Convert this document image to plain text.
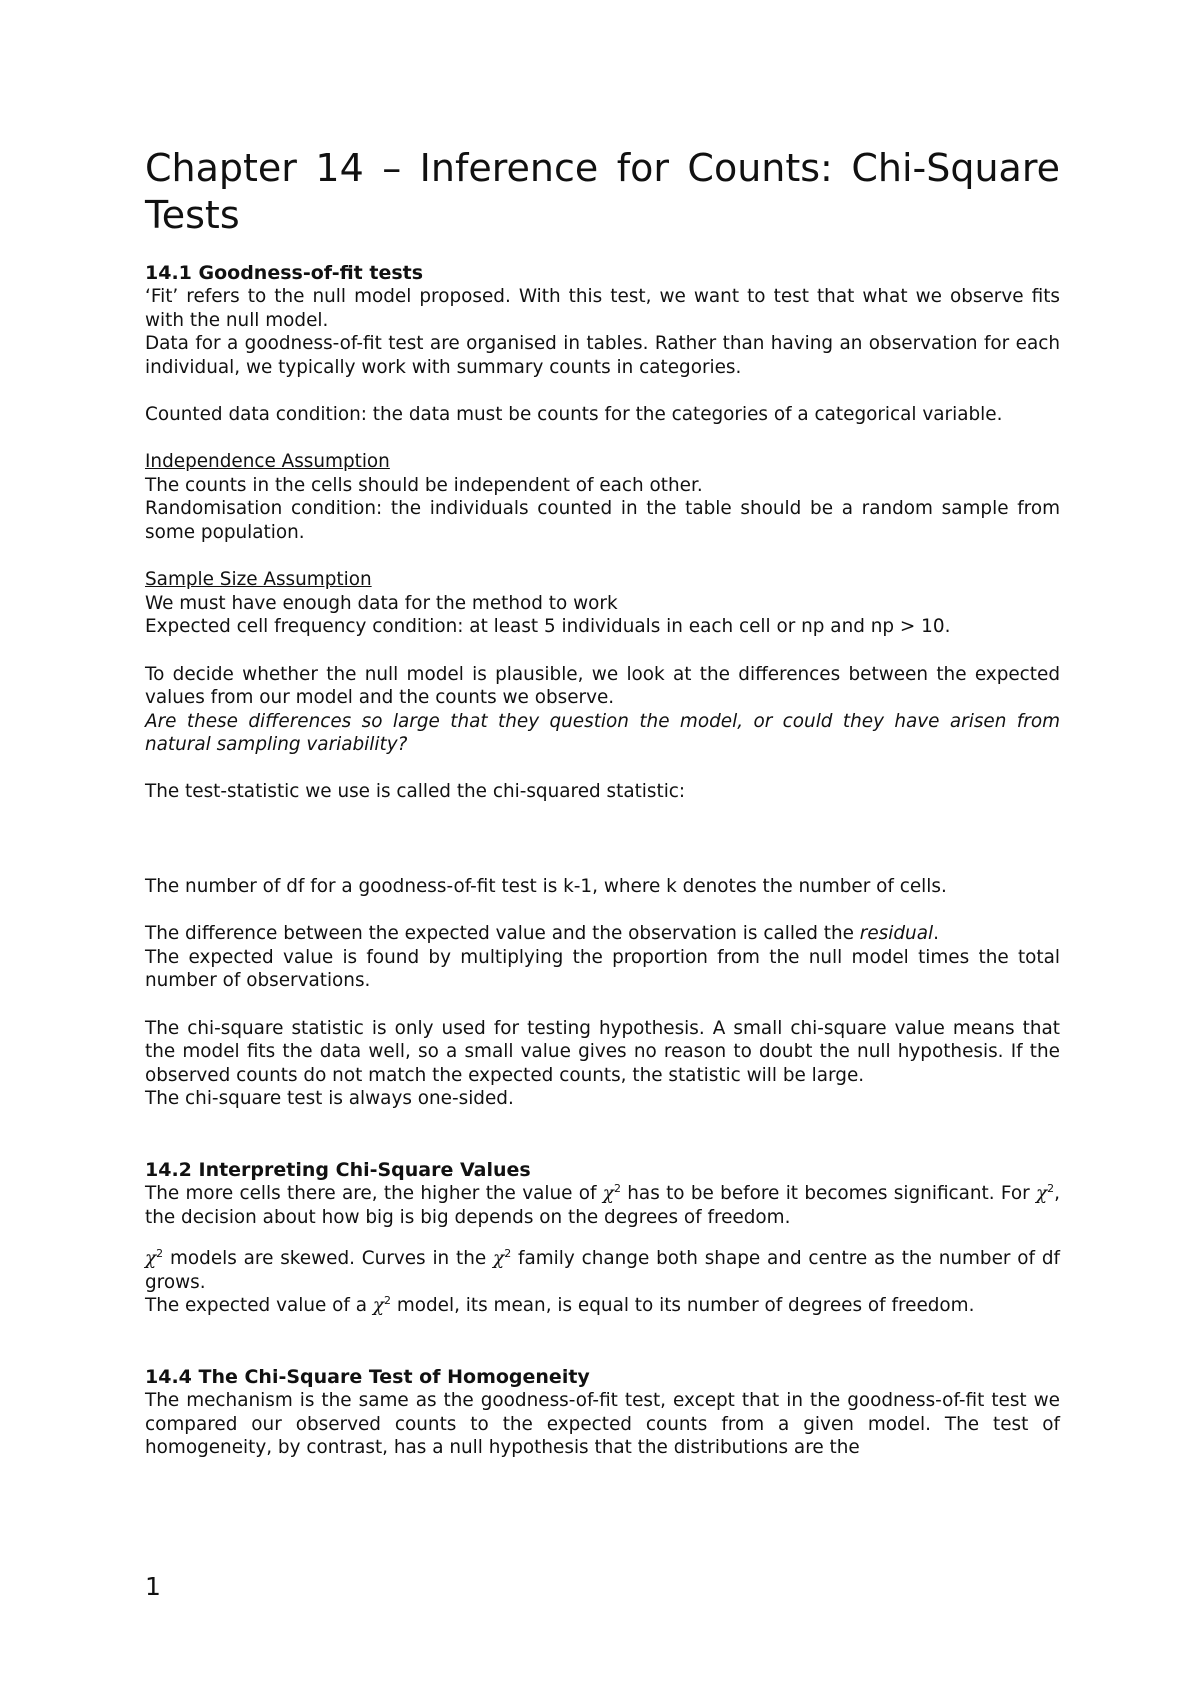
Chapter 14 – Inference for Counts: Chi-Square Tests
14.1 Goodness-of-fit tests

‘Fit’ refers to the null model proposed. With this test, we want to test that what we observe fits with the null model.

Data for a goodness-of-fit test are organised in tables. Rather than having an observation for each individual, we typically work with summary counts in categories.

Counted data condition: the data must be counts for the categories of a categorical variable.

Independence Assumption

The counts in the cells should be independent of each other.

Randomisation condition: the individuals counted in the table should be a random sample from some population.

Sample Size Assumption

We must have enough data for the method to work

Expected cell frequency condition: at least 5 individuals in each cell or np and np > 10.

To decide whether the null model is plausible, we look at the differences between the expected values from our model and the counts we observe.

Are these differences so large that they question the model, or could they have arisen from natural sampling variability?

The test-statistic we use is called the chi-squared statistic:

The number of df for a goodness-of-fit test is k-1, where k denotes the number of cells.

The difference between the expected value and the observation is called the residual.

The expected value is found by multiplying the proportion from the null model times the total number of observations.

The chi-square statistic is only used for testing hypothesis. A small chi-square value means that the model fits the data well, so a small value gives no reason to doubt the null hypothesis. If the observed counts do not match the expected counts, the statistic will be large.

The chi-square test is always one-sided.

14.2 Interpreting Chi-Square Values

The more cells there are, the higher the value of $\chi^2$ has to be before it becomes significant. For $\chi^2$, the decision about how big is big depends on the degrees of freedom.

$\chi^2$ models are skewed. Curves in the $\chi^2$ family change both shape and centre as the number of df grows.

The expected value of a $\chi^2$ model, its mean, is equal to its number of degrees of freedom.

14.4 The Chi-Square Test of Homogeneity

The mechanism is the same as the goodness-of-fit test, except that in the goodness-of-fit test we compared our observed counts to the expected counts from a given model. The test of homogeneity, by contrast, has a null hypothesis that the distributions are the

1
